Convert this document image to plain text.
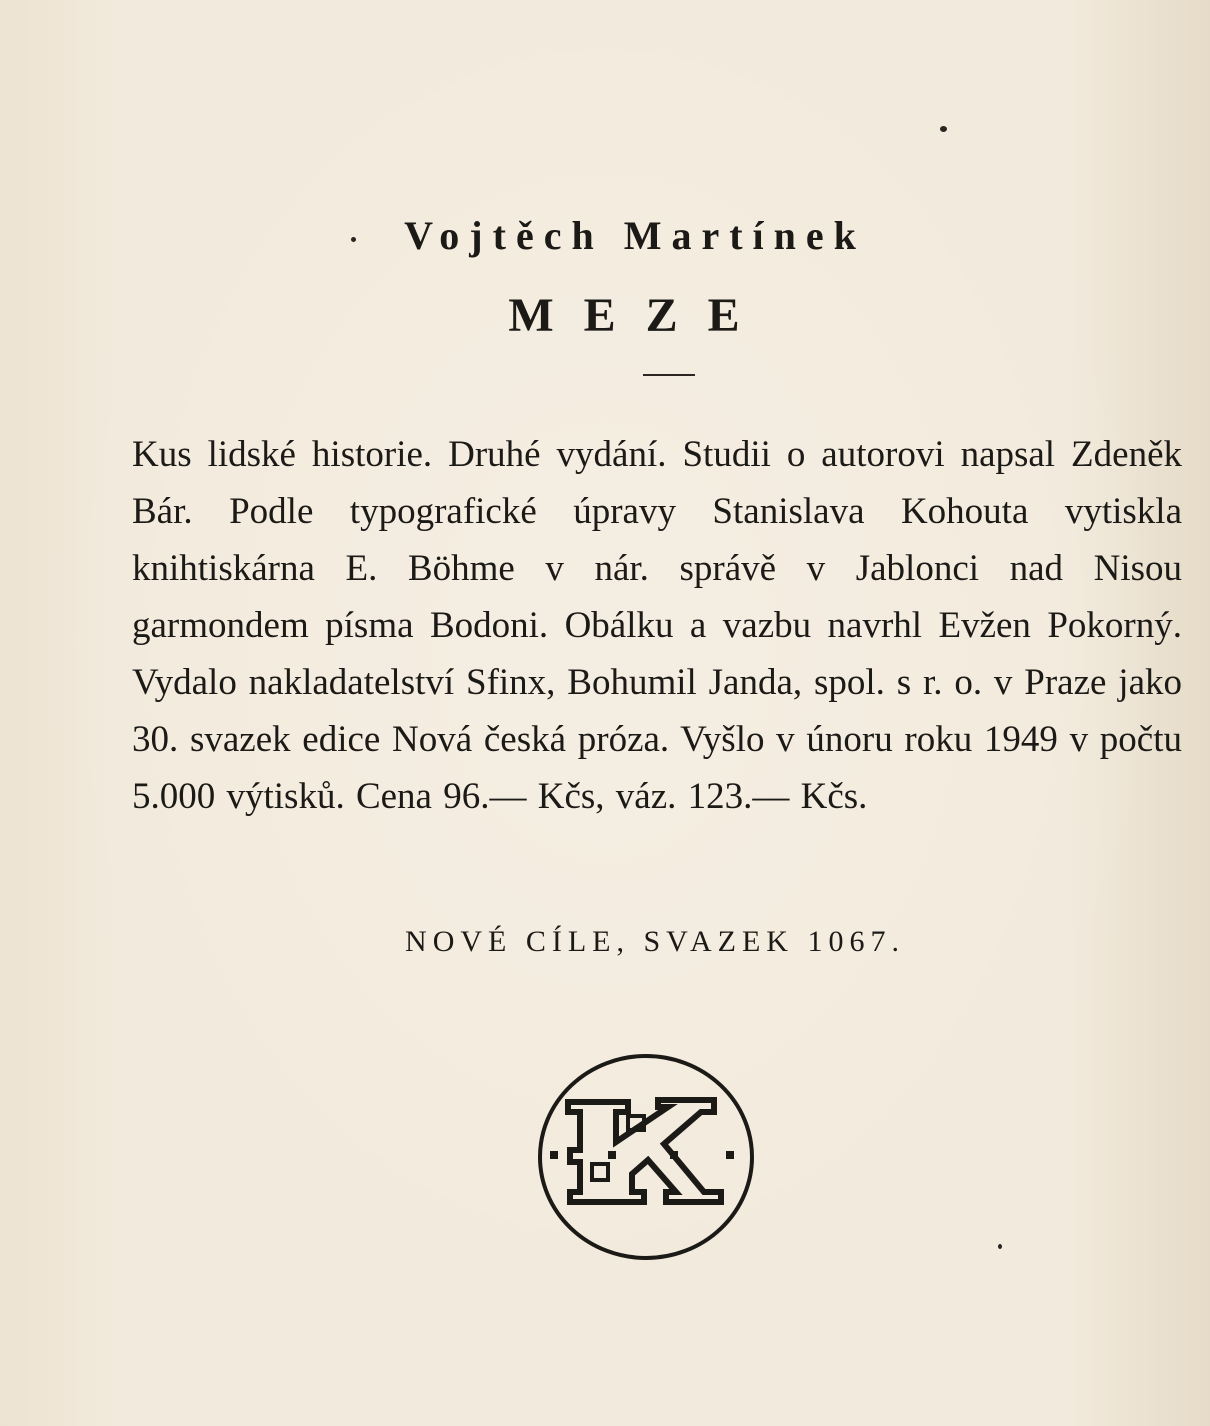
Vojtěch Martínek
MEZE
Kus lidské historie. Druhé vydání. Studii o autorovi napsal Zdeněk Bár. Podle typografické úpravy Stanislava Kohouta vytiskla knihtiskárna E. Böhme v nár. správě v Jablonci nad Nisou garmondem písma Bodoni. Obálku a vazbu navrhl Evžen Pokorný. Vydalo nakladatelství Sfinx, Bohumil Janda, spol. s r. o. v Praze jako 30. svazek edice Nová česká próza. Vyšlo v únoru roku 1949 v počtu 5.000 výtisků. Cena 96.— Kčs, váz. 123.— Kčs.
NOVÉ CÍLE, SVAZEK 1067.
